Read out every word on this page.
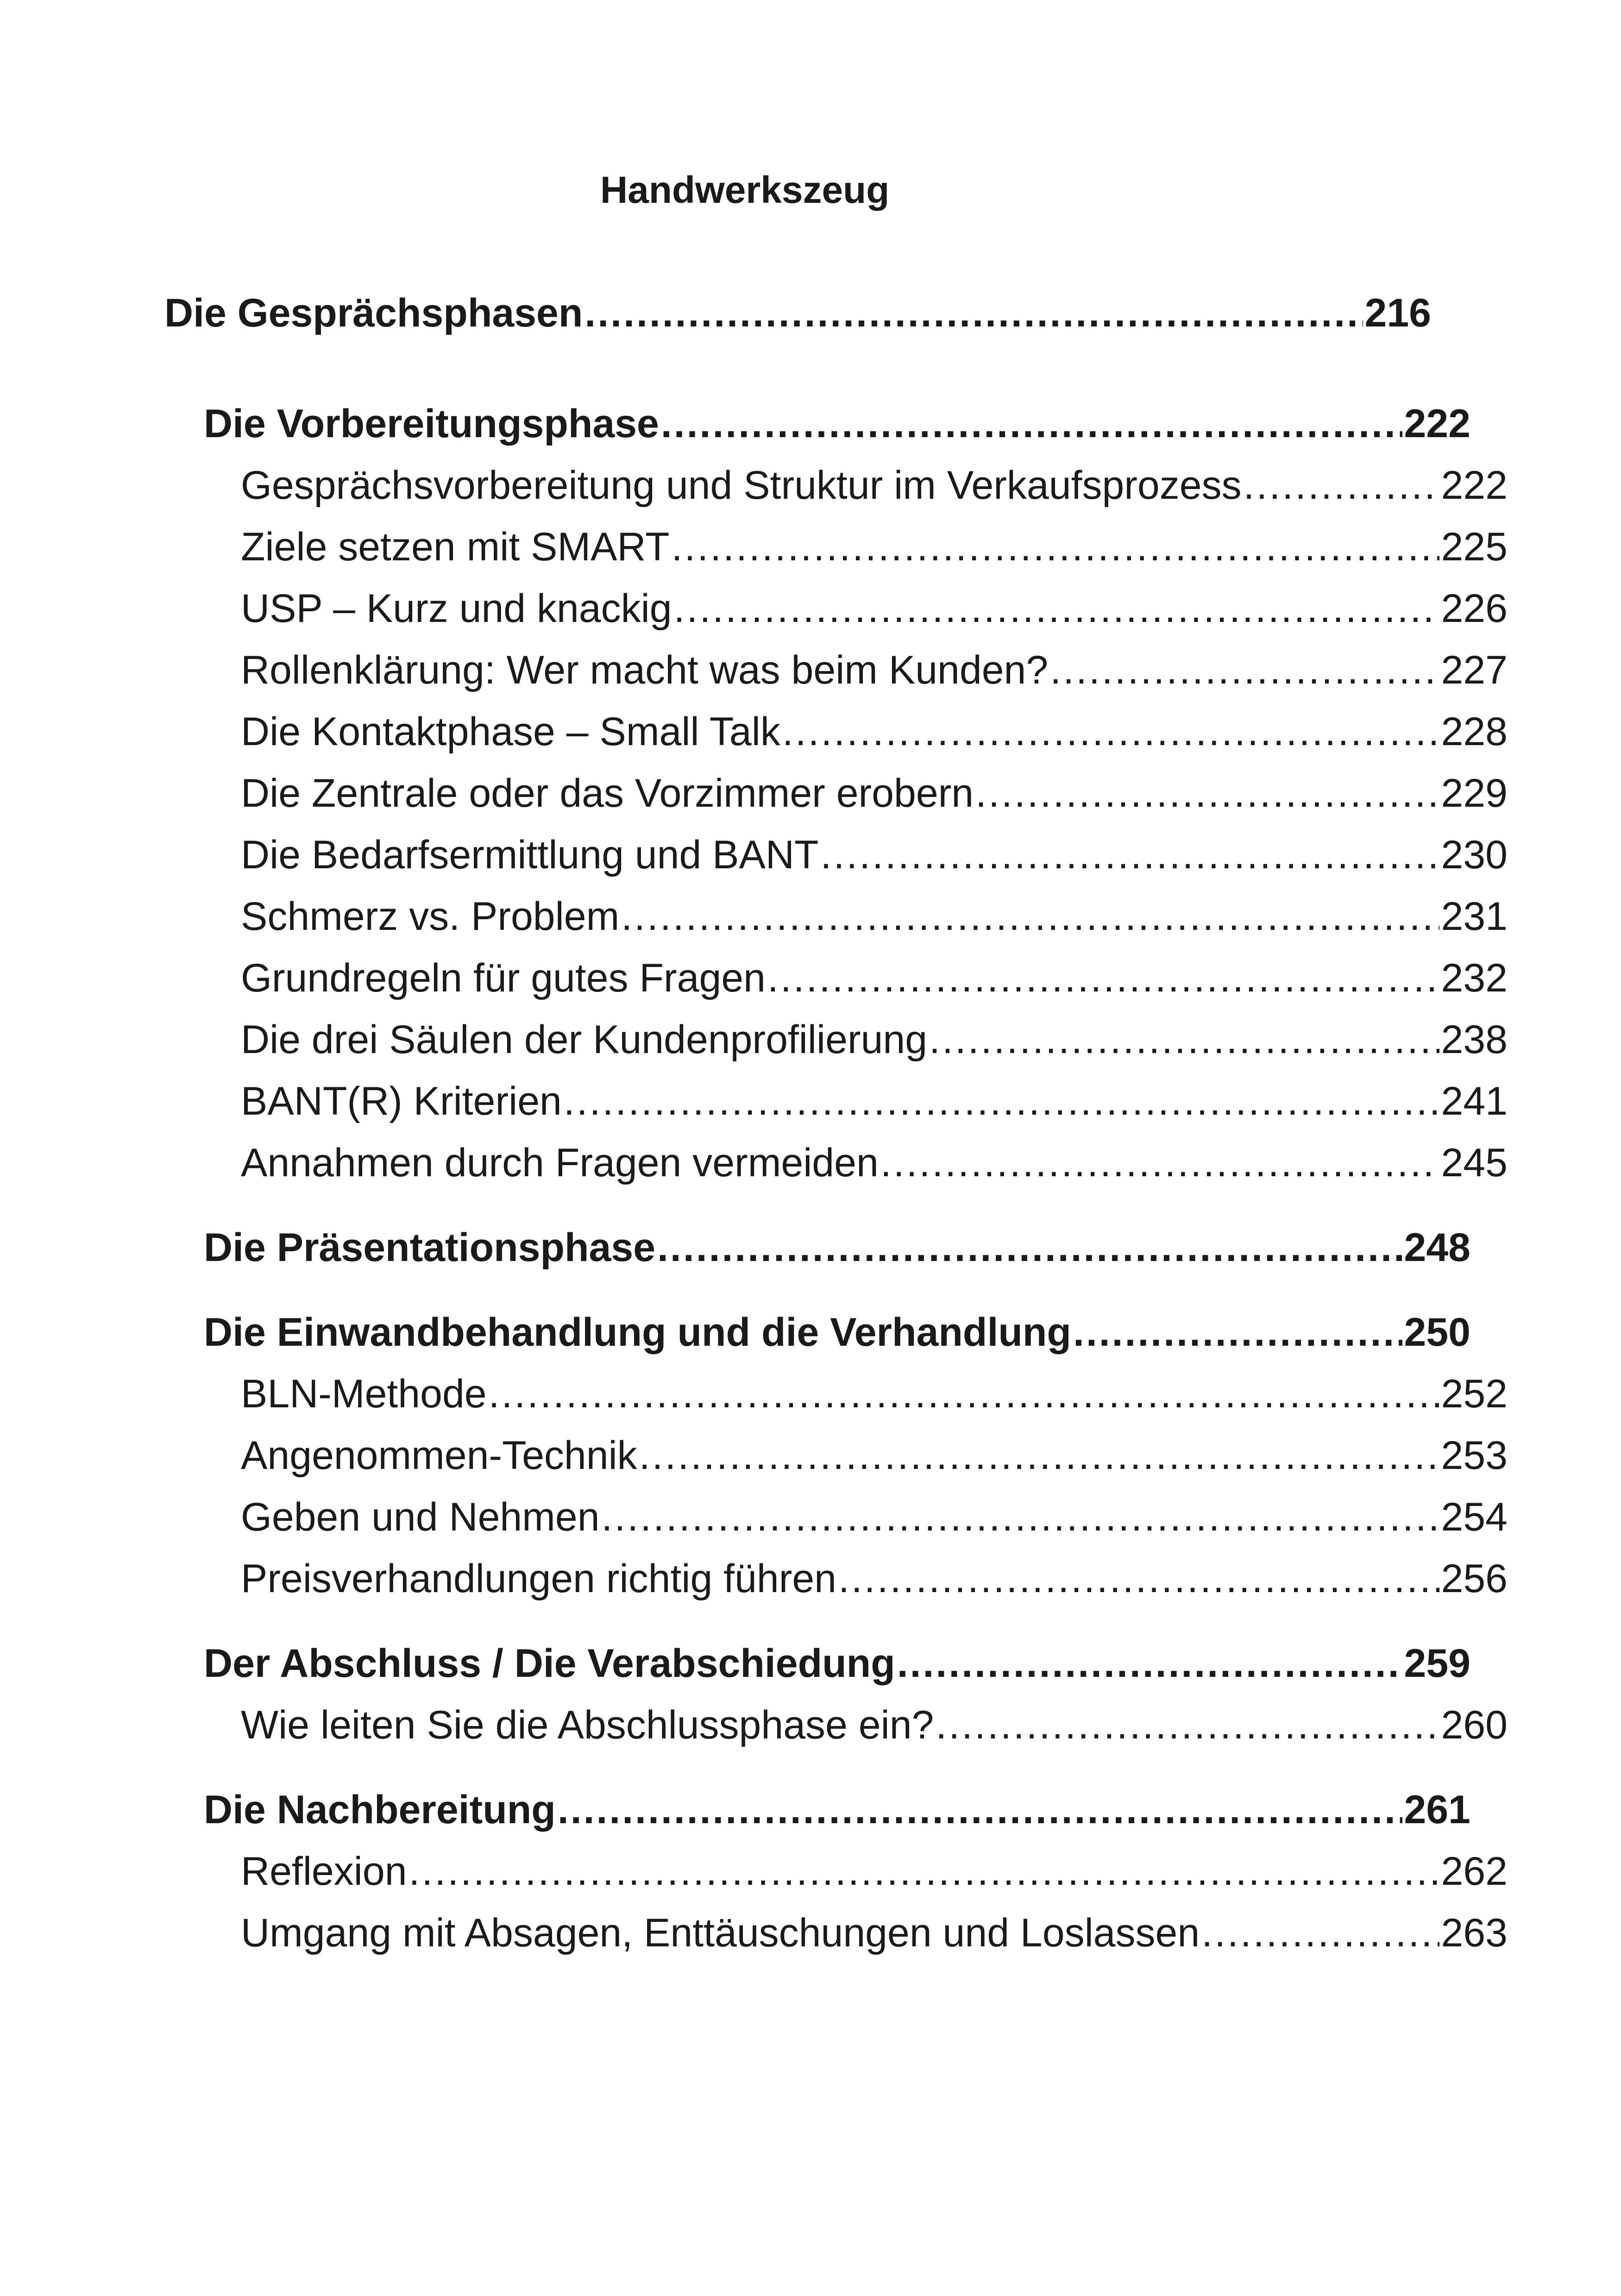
Handwerkszeug
Die Gesprächsphasen .....	216
Die Vorbereitungsphase .....	222
Gesprächsvorbereitung und Struktur im Verkaufsprozess .....	222
Ziele setzen mit SMART .....	225
USP – Kurz und knackig .....	226
Rollenklärung: Wer macht was beim Kunden? .....	227
Die Kontaktphase – Small Talk .....	228
Die Zentrale oder das Vorzimmer erobern .....	229
Die Bedarfsermittlung und BANT .....	230
Schmerz vs. Problem .....	231
Grundregeln für gutes Fragen .....	232
Die drei Säulen der Kundenprofilierung .....	238
BANT(R) Kriterien .....	241
Annahmen durch Fragen vermeiden .....	245
Die Präsentationsphase .....	248
Die Einwandbehandlung und die Verhandlung .....	250
BLN-Methode .....	252
Angenommen-Technik .....	253
Geben und Nehmen .....	254
Preisverhandlungen richtig führen .....	256
Der Abschluss / Die Verabschiedung .....	259
Wie leiten Sie die Abschlussphase ein? .....	260
Die Nachbereitung .....	261
Reflexion .....	262
Umgang mit Absagen, Enttäuschungen und Loslassen .....	263
